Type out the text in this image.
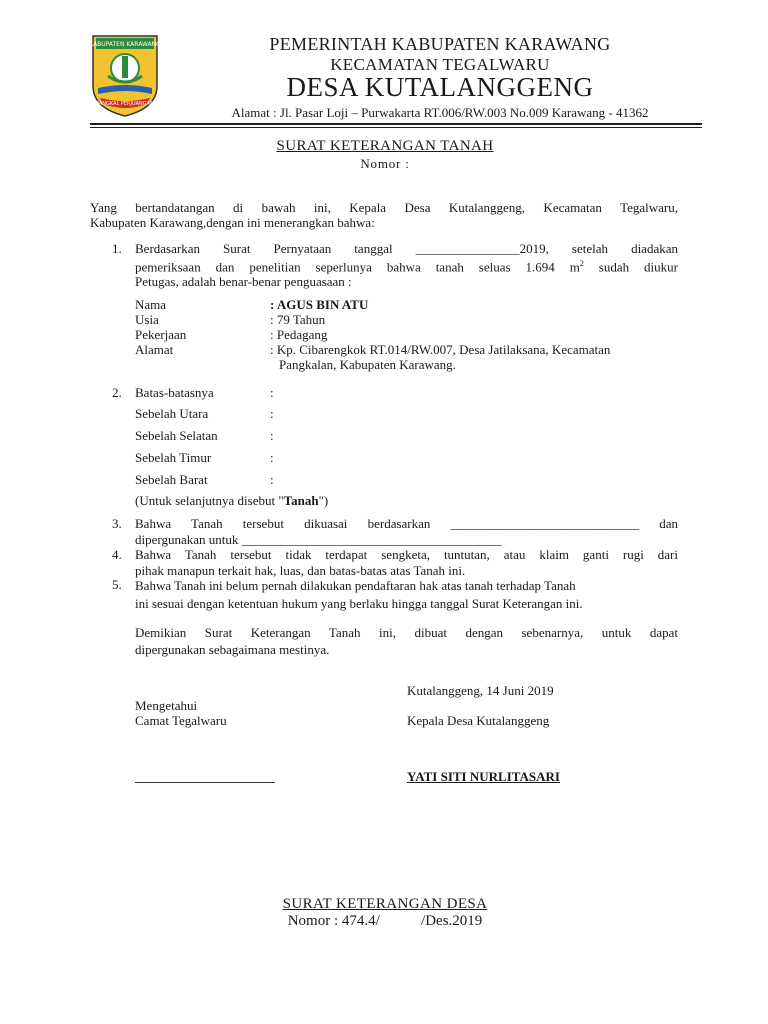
KABUPATEN KARAWANG
PANGKAL PERJUANGAN
PEMERINTAH KABUPATEN KARAWANG
KECAMATAN TEGALWARU
DESA KUTALANGGENG
Alamat : Jl. Pasar Loji – Purwakarta RT.006/RW.003 No.009 Karawang - 41362
SURAT KETERANGAN TANAH
Nomor :
Yang bertandatangan di bawah ini, Kepala Desa Kutalanggeng, Kecamatan Tegalwaru,
Kabupaten Karawang,dengan ini menerangkan bahwa:
1. Berdasarkan Surat Pernyataan tanggal ________________2019, setelah diadakan
pemeriksaan dan penelitian seperlunya bahwa tanah seluas 1.694 $m^2$ sudah diukur
Petugas, adalah benar-benar penguasaan :
Nama	: AGUS BIN ATU
Usia	: 79 Tahun
Pekerjaan	: Pedagang
Alamat	: Kp. Cibarengkok RT.014/RW.007, Desa Jatilaksana, Kecamatan
Pangkalan, Kabupaten Karawang.
2. Batas-batasnya	:
Sebelah Utara	:
Sebelah Selatan	:
Sebelah Timur	:
Sebelah Barat	:
(Untuk selanjutnya disebut "Tanah")
3. Bahwa Tanah tersebut dikuasai berdasarkan _____________________________ dan
dipergunakan untuk ________________________________________
4. Bahwa Tanah tersebut tidak terdapat sengketa, tuntutan, atau klaim ganti rugi dari
pihak manapun terkait hak, luas, dan batas-batas atas Tanah ini.
5. Bahwa Tanah ini belum pernah dilakukan pendaftaran hak atas tanah terhadap Tanah
ini sesuai dengan ketentuan hukum yang berlaku hingga tanggal Surat Keterangan ini.
Demikian Surat Keterangan Tanah ini, dibuat dengan sebenarnya, untuk dapat
dipergunakan sebagaimana mestinya.
Kutalanggeng, 14 Juni 2019
Mengetahui
Camat Tegalwaru	Kepala Desa Kutalanggeng
YATI SITI NURLITASARI
SURAT KETERANGAN DESA
Nomor : 474.4/           /Des.2019
